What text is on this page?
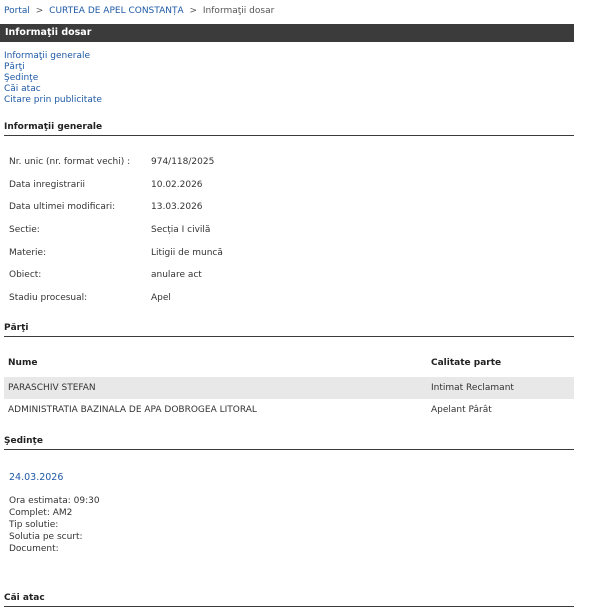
Portal > CURTEA DE APEL CONSTANȚA > Informaţii dosar
Informaţii dosar
Informaţii generale
Părţi
Şedinţe
Căi atac
Citare prin publicitate
Informaţii generale
Nr. unic (nr. format vechi) :	974/118/2025
Data inregistrarii	10.02.2026
Data ultimei modificari:	13.03.2026
Sectie:	Secția I civilă
Materie:	Litigii de muncă
Obiect:	anulare act
Stadiu procesual:	Apel
Părţi
Nume	Calitate parte
PARASCHIV STEFAN	Intimat Reclamant
ADMINISTRATIA BAZINALA DE APA DOBROGEA LITORAL	Apelant Pârât
Şedinţe
24.03.2026
Ora estimata: 09:30
Complet: AM2
Tip solutie:
Solutia pe scurt:
Document:
Căi atac
